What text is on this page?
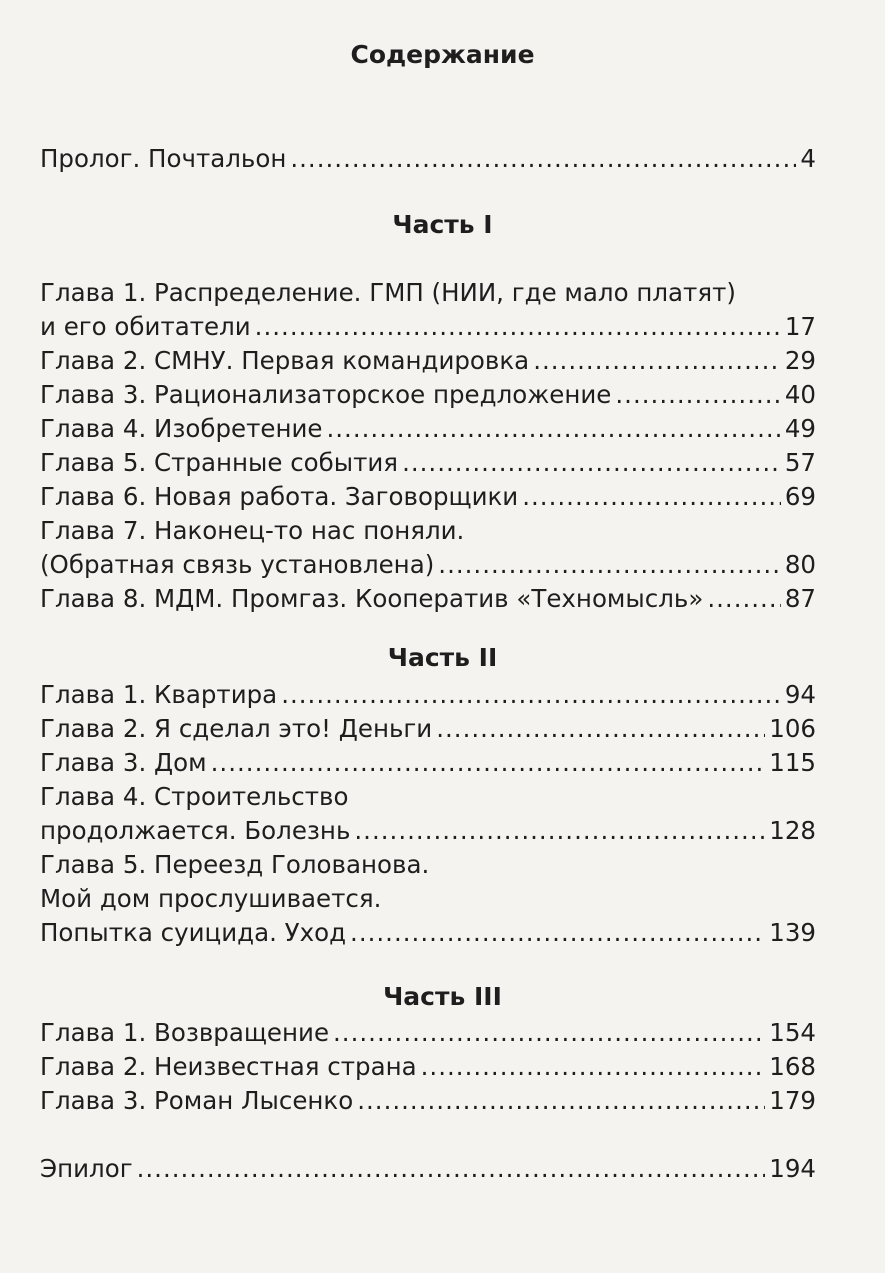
Содержание
Пролог. Почтальон .....	4
Часть I
Глава 1. Распределение. ГМП (НИИ, где мало платят)
и его обитатели .....	17
Глава 2. СМНУ. Первая командировка .....	29
Глава 3. Рационализаторское предложение .....	40
Глава 4. Изобретение .....	49
Глава 5. Странные события .....	57
Глава 6. Новая работа. Заговорщики .....	69
Глава 7. Наконец-то нас поняли.
(Обратная связь установлена) .....	80
Глава 8. МДМ. Промгаз. Кооператив «Техномысль» .....	87
Часть II
Глава 1. Квартира .....	94
Глава 2. Я сделал это! Деньги .....	106
Глава 3. Дом .....	115
Глава 4. Строительство
продолжается. Болезнь .....	128
Глава 5. Переезд Голованова.
Мой дом прослушивается.
Попытка суицида. Уход .....	139
Часть III
Глава 1. Возвращение .....	154
Глава 2. Неизвестная страна .....	168
Глава 3. Роман Лысенко .....	179
Эпилог .....	194
